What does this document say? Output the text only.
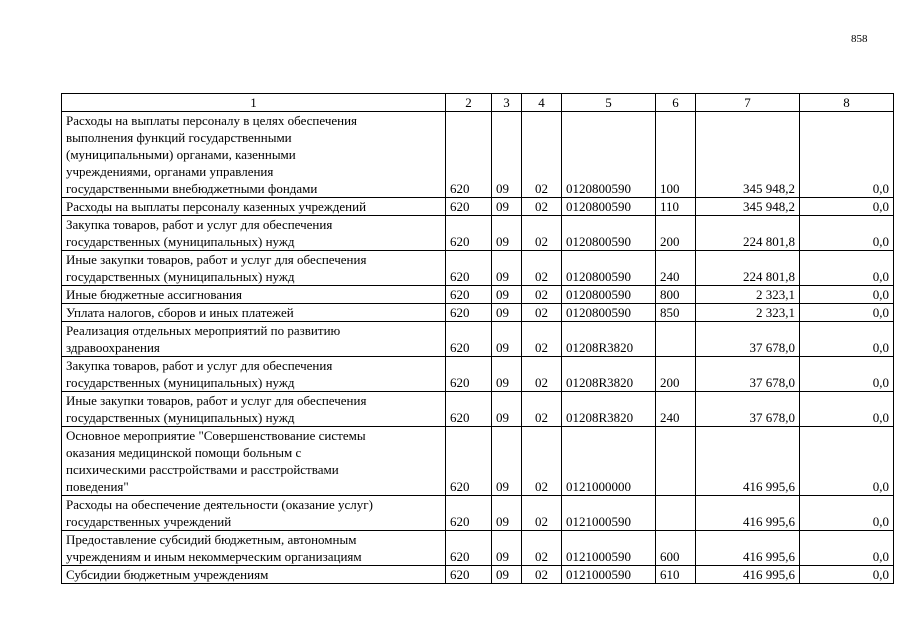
858
1	2	3	4	5	6	7	8

Расходы на выплаты персоналу в целях обеспечения
выполнения функций государственными
(муниципальными) органами, казенными
учреждениями, органами управления
государственными внебюджетными фондами	620	09	02	0120800590	100	345 948,2	0,0

Расходы на выплаты персоналу казенных учреждений	620	09	02	0120800590	110	345 948,2	0,0

Закупка товаров, работ и услуг для обеспечения
государственных (муниципальных) нужд	620	09	02	0120800590	200	224 801,8	0,0

Иные закупки товаров, работ и услуг для обеспечения
государственных (муниципальных) нужд	620	09	02	0120800590	240	224 801,8	0,0

Иные бюджетные ассигнования	620	09	02	0120800590	800	2 323,1	0,0

Уплата налогов, сборов и иных платежей	620	09	02	0120800590	850	2 323,1	0,0

Реализация отдельных мероприятий по развитию
здравоохранения	620	09	02	01208R3820		37 678,0	0,0

Закупка товаров, работ и услуг для обеспечения
государственных (муниципальных) нужд	620	09	02	01208R3820	200	37 678,0	0,0

Иные закупки товаров, работ и услуг для обеспечения
государственных (муниципальных) нужд	620	09	02	01208R3820	240	37 678,0	0,0

Основное мероприятие "Совершенствование системы
оказания медицинской помощи больным с
психическими расстройствами и расстройствами
поведения"	620	09	02	0121000000		416 995,6	0,0

Расходы на обеспечение деятельности (оказание услуг)
государственных учреждений	620	09	02	0121000590		416 995,6	0,0

Предоставление субсидий бюджетным, автономным
учреждениям и иным некоммерческим организациям	620	09	02	0121000590	600	416 995,6	0,0

Субсидии бюджетным учреждениям	620	09	02	0121000590	610	416 995,6	0,0
